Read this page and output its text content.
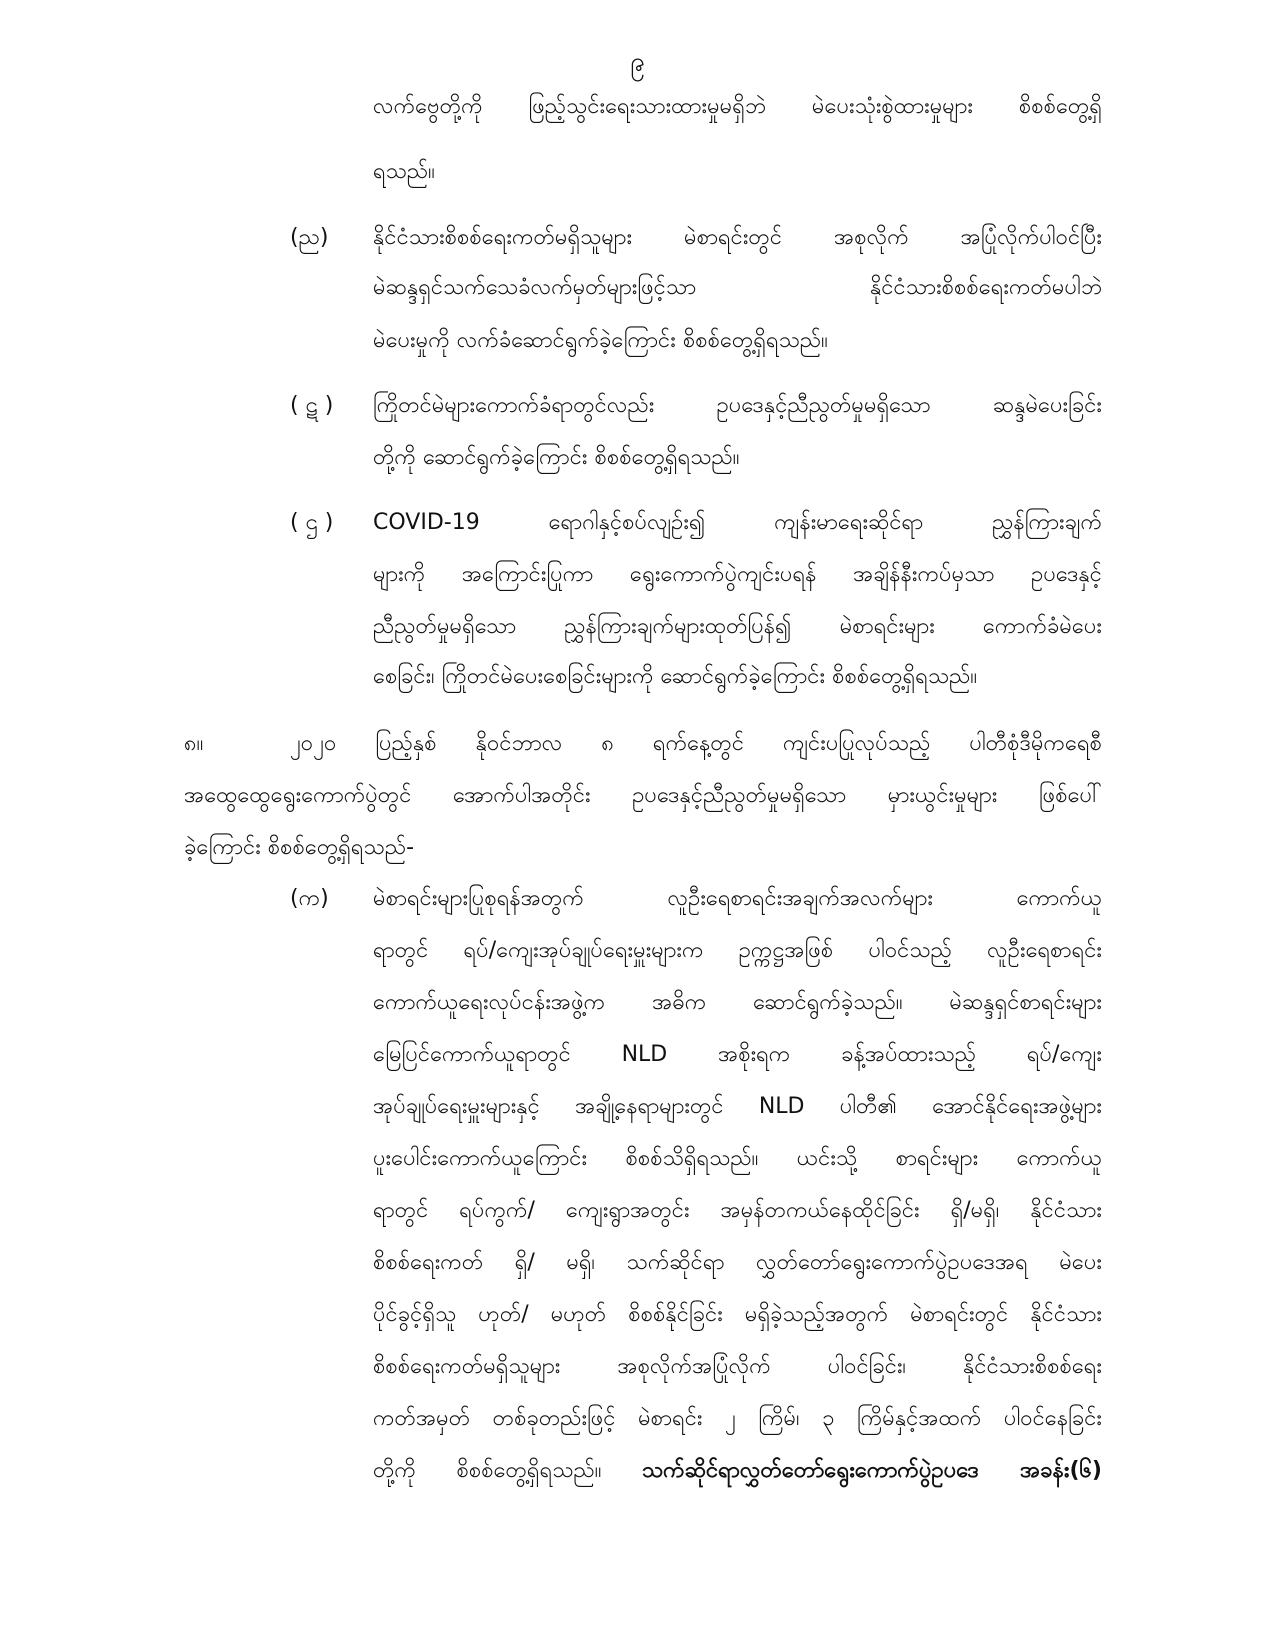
၉
လက်ဗွေတို့ကို ဖြည့်သွင်းရေးသားထားမှုမရှိဘဲ မဲပေးသုံးစွဲထားမှုများ စိစစ်တွေ့ရှိ
ရသည်။
(ည) နိုင်ငံသားစိစစ်ရေးကတ်မရှိသူများ မဲစာရင်းတွင် အစုလိုက် အပြုံလိုက်ပါဝင်ပြီး
မဲဆန္ဒရှင်သက်သေခံလက်မှတ်များဖြင့်သာ နိုင်ငံသားစိစစ်ရေးကတ်မပါဘဲ
မဲပေးမှုကို လက်ခံဆောင်ရွက်ခဲ့ကြောင်း စိစစ်တွေ့ရှိရသည်။
( ဋ ) ကြိုတင်မဲများကောက်ခံရာတွင်လည်း ဥပဒေနှင့်ညီညွတ်မှုမရှိသော ဆန္ဒမဲပေးခြင်း
တို့ကို ဆောင်ရွက်ခဲ့ကြောင်း စိစစ်တွေ့ရှိရသည်။
( ဌ ) COVID-19 ရောဂါနှင့်စပ်လျဉ်း၍ ကျန်းမာရေးဆိုင်ရာ ညွှန်ကြားချက်
များကို အကြောင်းပြုကာ ရွေးကောက်ပွဲကျင်းပရန် အချိန်နီးကပ်မှသာ ဥပဒေနှင့်
ညီညွတ်မှုမရှိသော ညွှန်ကြားချက်များထုတ်ပြန်၍ မဲစာရင်းများ ကောက်ခံမဲပေး
စေခြင်း၊ ကြိုတင်မဲပေးစေခြင်းများကို ဆောင်ရွက်ခဲ့ကြောင်း စိစစ်တွေ့ရှိရသည်။
၈။	၂၀၂၀ ပြည့်နှစ် နိုဝင်ဘာလ ၈ ရက်နေ့တွင် ကျင်းပပြုလုပ်သည့် ပါတီစုံဒီမိုကရေစီ
အထွေထွေရွေးကောက်ပွဲတွင် အောက်ပါအတိုင်း ဥပဒေနှင့်ညီညွတ်မှုမရှိသော မှားယွင်းမှုများ ဖြစ်ပေါ်
ခဲ့ကြောင်း စိစစ်တွေ့ရှိရသည်-
(က) မဲစာရင်းများပြုစုရန်အတွက် လူဦးရေစာရင်းအချက်အလက်များ ကောက်ယူ
ရာတွင် ရပ်/ကျေးအုပ်ချုပ်ရေးမှူးများက ဥက္ကဋ္ဌအဖြစ် ပါဝင်သည့် လူဦးရေစာရင်း
ကောက်ယူရေးလုပ်ငန်းအဖွဲ့က အဓိက ဆောင်ရွက်ခဲ့သည်။ မဲဆန္ဒရှင်စာရင်းများ
မြေပြင်ကောက်ယူရာတွင် NLD အစိုးရက ခန့်အပ်ထားသည့် ရပ်/ကျေး
အုပ်ချုပ်ရေးမှူးများနှင့် အချို့နေရာများတွင် NLD ပါတီ၏ အောင်နိုင်ရေးအဖွဲ့များ
ပူးပေါင်းကောက်ယူကြောင်း စိစစ်သိရှိရသည်။ ယင်းသို့ စာရင်းများ ကောက်ယူ
ရာတွင် ရပ်ကွက်/ ကျေးရွာအတွင်း အမှန်တကယ်နေထိုင်ခြင်း ရှိ/မရှိ၊ နိုင်ငံသား
စိစစ်ရေးကတ် ရှိ/ မရှိ၊ သက်ဆိုင်ရာ လွှတ်တော်ရွေးကောက်ပွဲဥပဒေအရ မဲပေး
ပိုင်ခွင့်ရှိသူ ဟုတ်/ မဟုတ် စိစစ်နိုင်ခြင်း မရှိခဲ့သည့်အတွက် မဲစာရင်းတွင် နိုင်ငံသား
စိစစ်ရေးကတ်မရှိသူများ အစုလိုက်အပြုံလိုက် ပါဝင်ခြင်း၊ နိုင်ငံသားစိစစ်ရေး
ကတ်အမှတ် တစ်ခုတည်းဖြင့် မဲစာရင်း ၂ ကြိမ်၊ ၃ ကြိမ်နှင့်အထက် ပါဝင်နေခြင်း
တို့ကို စိစစ်တွေ့ရှိရသည်။ သက်ဆိုင်ရာလွှတ်တော်ရွေးကောက်ပွဲဥပဒေ အခန်း(၆)
